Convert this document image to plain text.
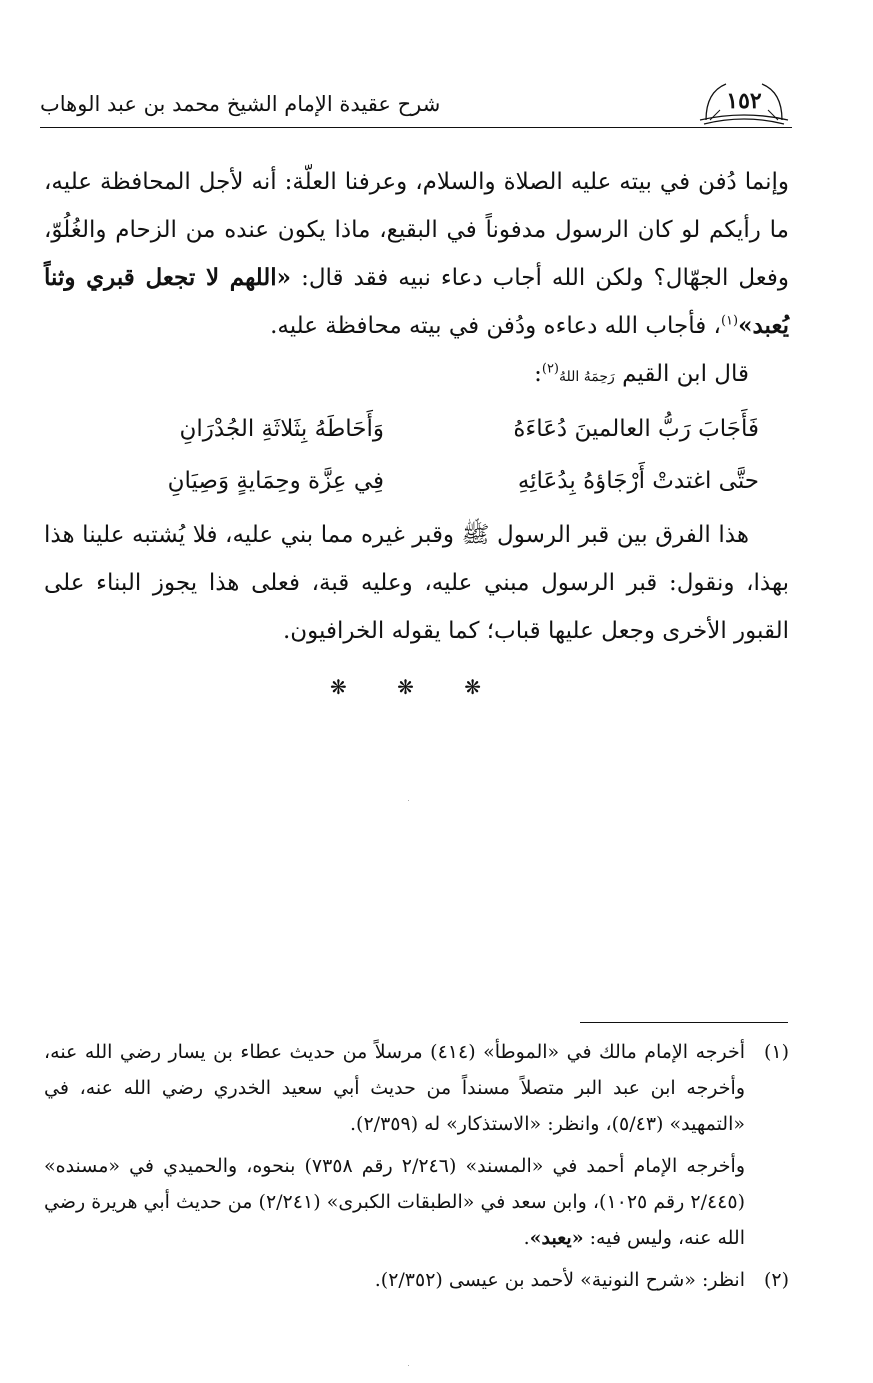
١٥٢
شرح عقيدة الإمام الشيخ محمد بن عبد الوهاب

وإنما دُفن في بيته عليه الصلاة والسلام، وعرفنا العلّة: أنه لأجل المحافظة عليه، ما رأيكم لو كان الرسول مدفوناً في البقيع، ماذا يكون عنده من الزحام والغُلُوّ، وفعل الجهّال؟ ولكن الله أجاب دعاء نبيه فقد قال: «اللهم لا تجعل قبري وثناً يُعبد»$^{(١)}$، فأجاب الله دعاءه ودُفن في بيته محافظة عليه.

قال ابن القيم رَحِمَهُ اللهُ$^{(٢)}$:

فَأَجَابَ رَبُّ العالمينَ دُعَاءَهُ
وَأَحَاطَهُ بِثَلاثَةِ الجُدْرَانِ
حتَّى اغتدتْ أَرْجَاؤهُ بِدُعَائِهِ
فِي عِزَّة وحِمَايةٍ وَصِيَانِ

هذا الفرق بين قبر الرسول ﷺ وقبر غيره مما بني عليه، فلا يُشتبه علينا هذا بهذا، ونقول: قبر الرسول مبني عليه، وعليه قبة، فعلى هذا يجوز البناء على القبور الأخرى وجعل عليها قباب؛ كما يقوله الخرافيون.

❋ ❋ ❋

(١)
أخرجه الإمام مالك في «الموطأ» (٤١٤) مرسلاً من حديث عطاء بن يسار رضي الله عنه، وأخرجه ابن عبد البر متصلاً مسنداً من حديث أبي سعيد الخدري رضي الله عنه، في «التمهيد» (٥/٤٣)، وانظر: «الاستذكار» له (٢/٣٥٩).

وأخرجه الإمام أحمد في «المسند» (٢/٢٤٦ رقم ٧٣٥٨) بنحوه، والحميدي في «مسنده» (٢/٤٤٥ رقم ١٠٢٥)، وابن سعد في «الطبقات الكبرى» (٢/٢٤١) من حديث أبي هريرة رضي الله عنه، وليس فيه: «يعبد».

(٢)
انظر: «شرح النونية» لأحمد بن عيسى (٢/٣٥٢).
